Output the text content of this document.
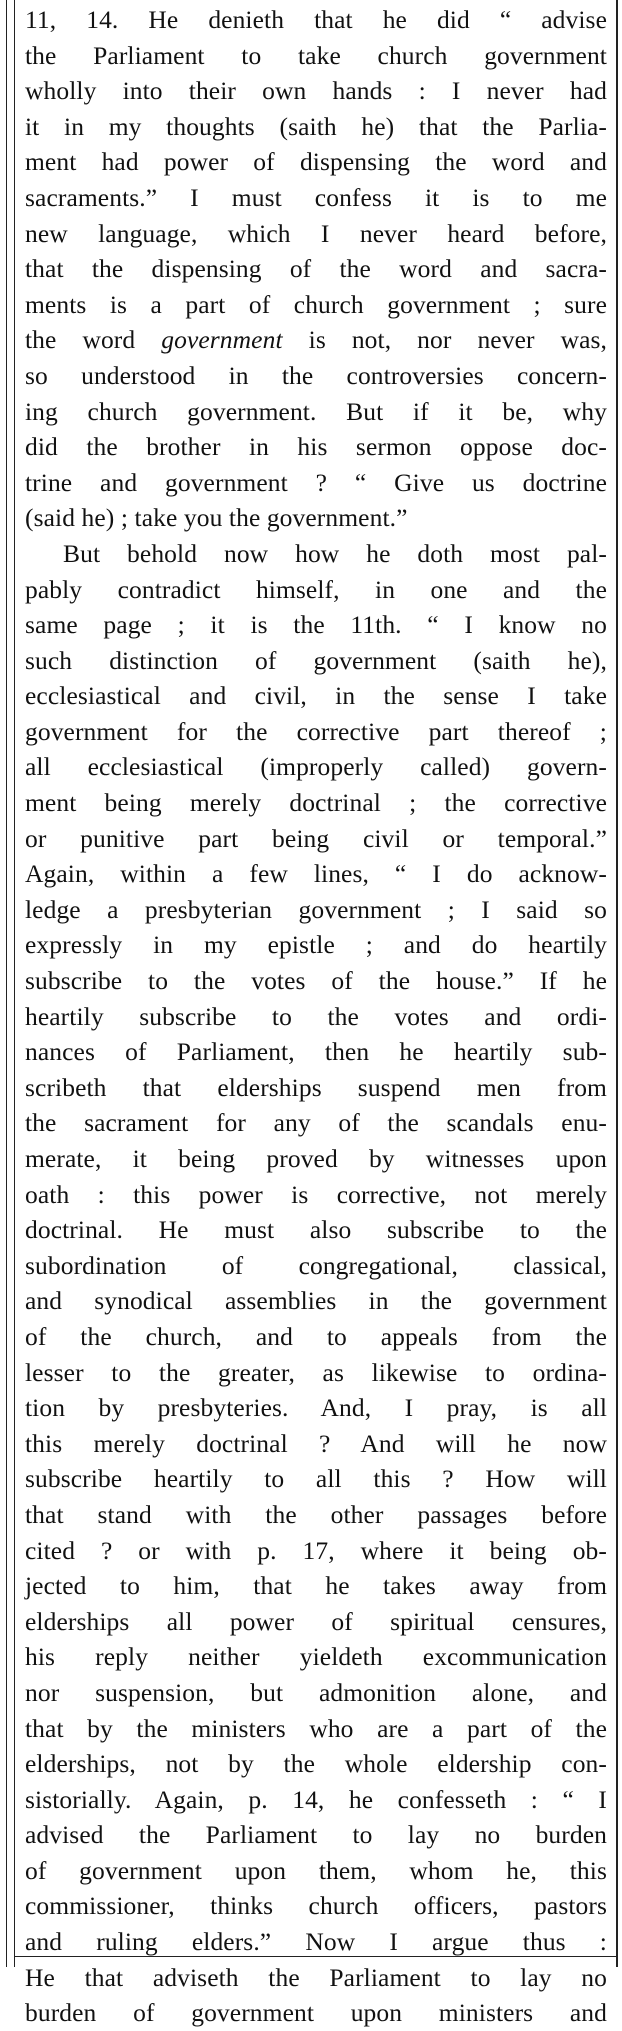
11, 14. He denieth that he did “ advise
the Parliament to take church government
wholly into their own hands : I never had
it in my thoughts (saith he) that the Parlia-
ment had power of dispensing the word and
sacraments.” I must confess it is to me
new language, which I never heard before,
that the dispensing of the word and sacra-
ments is a part of church government ; sure
the word government is not, nor never was,
so understood in the controversies concern-
ing church government. But if it be, why
did the brother in his sermon oppose doc-
trine and government ? “ Give us doctrine
(said he) ; take you the government.”
But behold now how he doth most pal-
pably contradict himself, in one and the
same page ; it is the 11th. “ I know no
such distinction of government (saith he),
ecclesiastical and civil, in the sense I take
government for the corrective part thereof ;
all ecclesiastical (improperly called) govern-
ment being merely doctrinal ; the corrective
or punitive part being civil or temporal.”
Again, within a few lines, “ I do acknow-
ledge a presbyterian government ; I said so
expressly in my epistle ; and do heartily
subscribe to the votes of the house.” If he
heartily subscribe to the votes and ordi-
nances of Parliament, then he heartily sub-
scribeth that elderships suspend men from
the sacrament for any of the scandals enu-
merate, it being proved by witnesses upon
oath : this power is corrective, not merely
doctrinal. He must also subscribe to the
subordination of congregational, classical,
and synodical assemblies in the government
of the church, and to appeals from the
lesser to the greater, as likewise to ordina-
tion by presbyteries. And, I pray, is all
this merely doctrinal ? And will he now
subscribe heartily to all this ? How will
that stand with the other passages before
cited ? or with p. 17, where it being ob-
jected to him, that he takes away from
elderships all power of spiritual censures,
his reply neither yieldeth excommunication
nor suspension, but admonition alone, and
that by the ministers who are a part of the
elderships, not by the whole eldership con-
sistorially. Again, p. 14, he confesseth : “ I
advised the Parliament to lay no burden
of government upon them, whom he, this
commissioner, thinks church officers, pastors
and ruling elders.” Now I argue thus :
He that adviseth the Parliament to lay no
burden of government upon ministers and
